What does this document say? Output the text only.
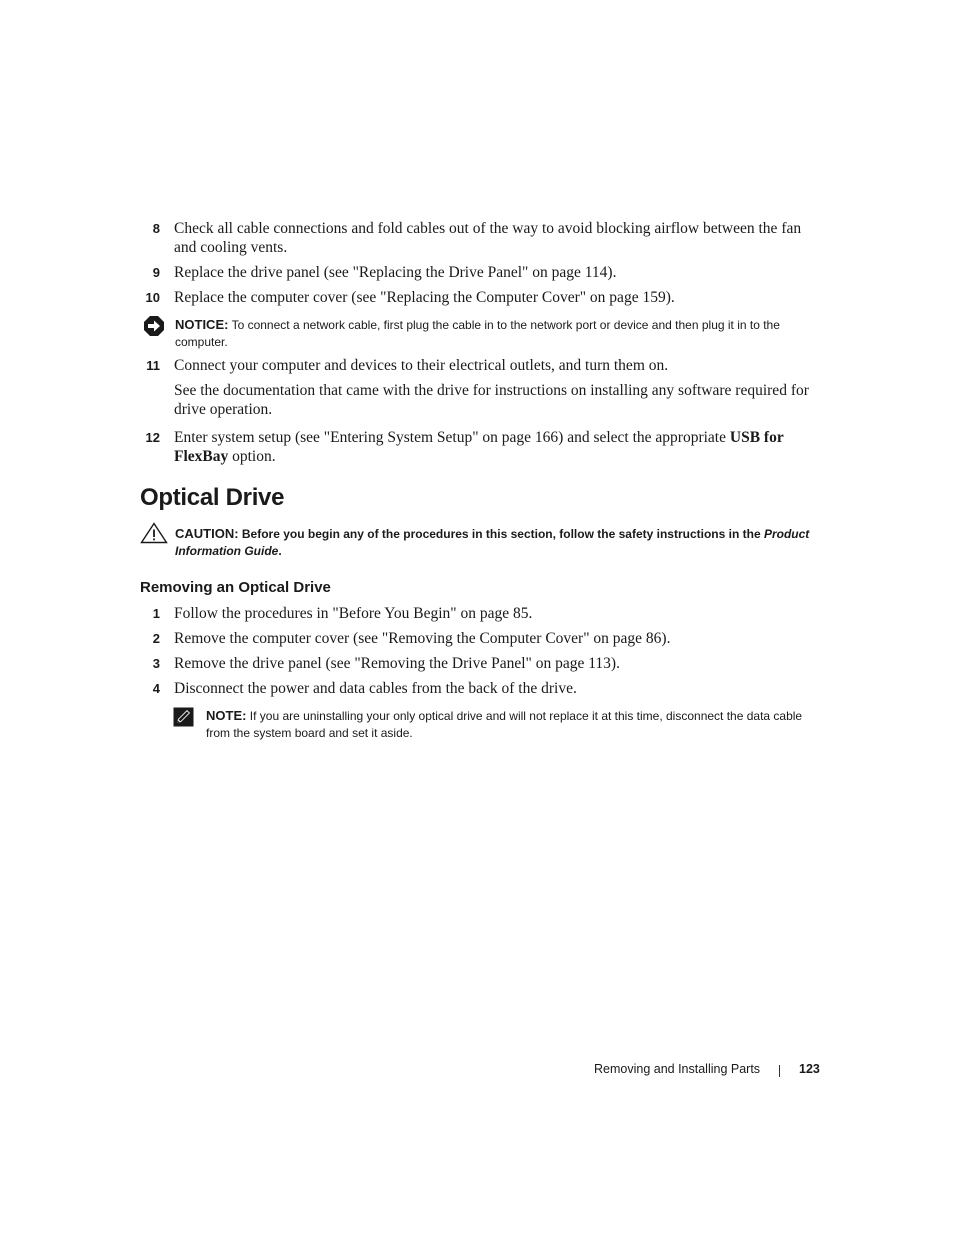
8 Check all cable connections and fold cables out of the way to avoid blocking airflow between the fan and cooling vents.
9 Replace the drive panel (see "Replacing the Drive Panel" on page 114).
10 Replace the computer cover (see "Replacing the Computer Cover" on page 159).
NOTICE: To connect a network cable, first plug the cable in to the network port or device and then plug it in to the computer.
11 Connect your computer and devices to their electrical outlets, and turn them on.
See the documentation that came with the drive for instructions on installing any software required for drive operation.
12 Enter system setup (see "Entering System Setup" on page 166) and select the appropriate USB for FlexBay option.
Optical Drive
CAUTION: Before you begin any of the procedures in this section, follow the safety instructions in the Product Information Guide.
Removing an Optical Drive
1 Follow the procedures in "Before You Begin" on page 85.
2 Remove the computer cover (see "Removing the Computer Cover" on page 86).
3 Remove the drive panel (see "Removing the Drive Panel" on page 113).
4 Disconnect the power and data cables from the back of the drive.
NOTE: If you are uninstalling your only optical drive and will not replace it at this time, disconnect the data cable from the system board and set it aside.
Removing and Installing Parts	123
